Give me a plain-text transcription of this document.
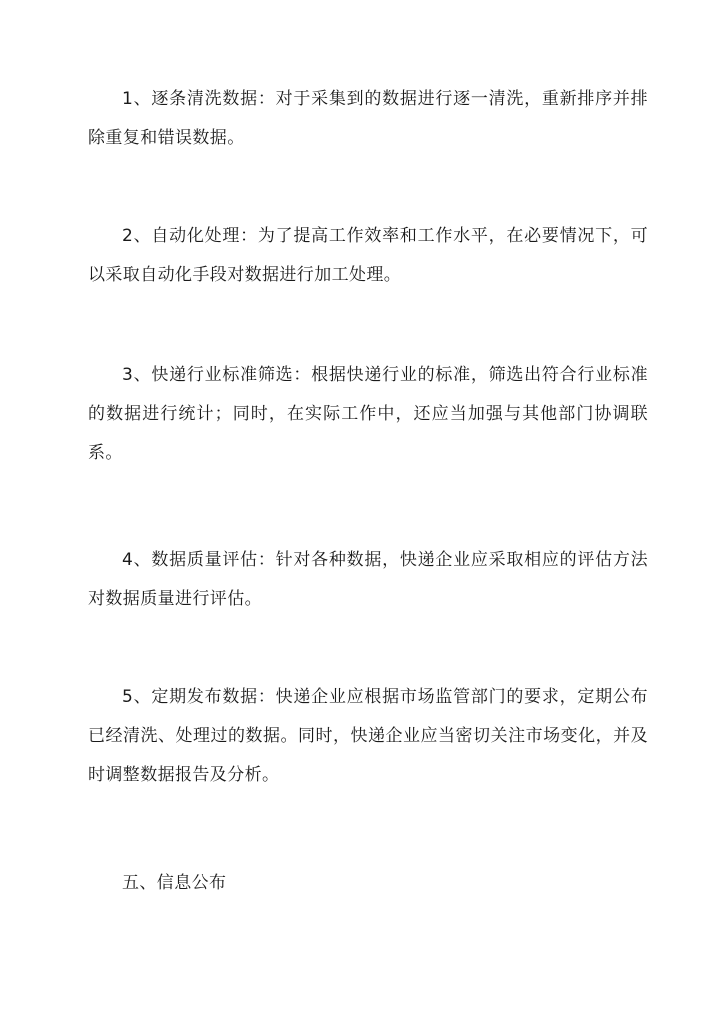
1、逐条清洗数据：对于采集到的数据进行逐一清洗，重新排序并排除重复和错误数据。

2、自动化处理：为了提高工作效率和工作水平，在必要情况下，可以采取自动化手段对数据进行加工处理。

3、快递行业标准筛选：根据快递行业的标准，筛选出符合行业标准的数据进行统计；同时，在实际工作中，还应当加强与其他部门协调联系。

4、数据质量评估：针对各种数据，快递企业应采取相应的评估方法对数据质量进行评估。

5、定期发布数据：快递企业应根据市场监管部门的要求，定期公布已经清洗、处理过的数据。同时，快递企业应当密切关注市场变化，并及时调整数据报告及分析。

五、信息公布
